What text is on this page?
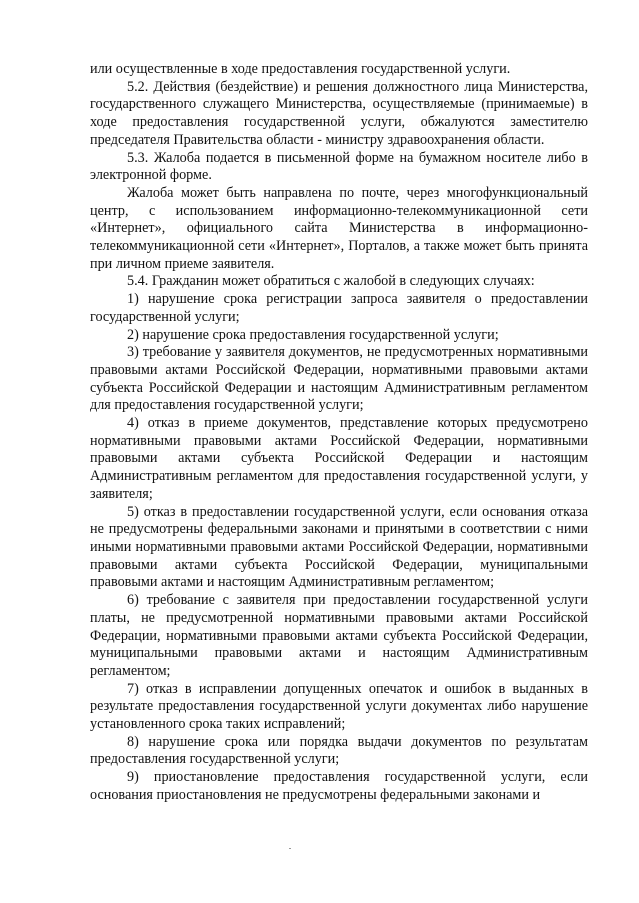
или осуществленные в ходе предоставления государственной услуги.

5.2. Действия (бездействие) и решения должностного лица Министерства, государственного служащего Министерства, осуществляемые (принимаемые) в ходе предоставления государственной услуги, обжалуются заместителю председателя Правительства области - министру здравоохранения области.

5.3. Жалоба подается в письменной форме на бумажном носителе либо в электронной форме.

Жалоба может быть направлена по почте, через многофункциональный центр, с использованием информационно-телекоммуникационной сети «Интернет», официального сайта Министерства в информационно-телекоммуникационной сети «Интернет», Порталов, а также может быть принята при личном приеме заявителя.

5.4. Гражданин может обратиться с жалобой в следующих случаях:

1) нарушение срока регистрации запроса заявителя о предоставлении государственной услуги;

2) нарушение срока предоставления государственной услуги;

3) требование у заявителя документов, не предусмотренных нормативными правовыми актами Российской Федерации, нормативными правовыми актами субъекта Российской Федерации и настоящим Административным регламентом для предоставления государственной услуги;

4) отказ в приеме документов, представление которых предусмотрено нормативными правовыми актами Российской Федерации, нормативными правовыми актами субъекта Российской Федерации и настоящим Административным регламентом для предоставления государственной услуги, у заявителя;

5) отказ в предоставлении государственной услуги, если основания отказа не предусмотрены федеральными законами и принятыми в соответствии с ними иными нормативными правовыми актами Российской Федерации, нормативными правовыми актами субъекта Российской Федерации, муниципальными правовыми актами и настоящим Административным регламентом;

6) требование с заявителя при предоставлении государственной услуги платы, не предусмотренной нормативными правовыми актами Российской Федерации, нормативными правовыми актами субъекта Российской Федерации, муниципальными правовыми актами и настоящим Административным регламентом;

7) отказ в исправлении допущенных опечаток и ошибок в выданных в результате предоставления государственной услуги документах либо нарушение установленного срока таких исправлений;

8) нарушение срока или порядка выдачи документов по результатам предоставления государственной услуги;

9) приостановление предоставления государственной услуги, если основания приостановления не предусмотрены федеральными законами и
